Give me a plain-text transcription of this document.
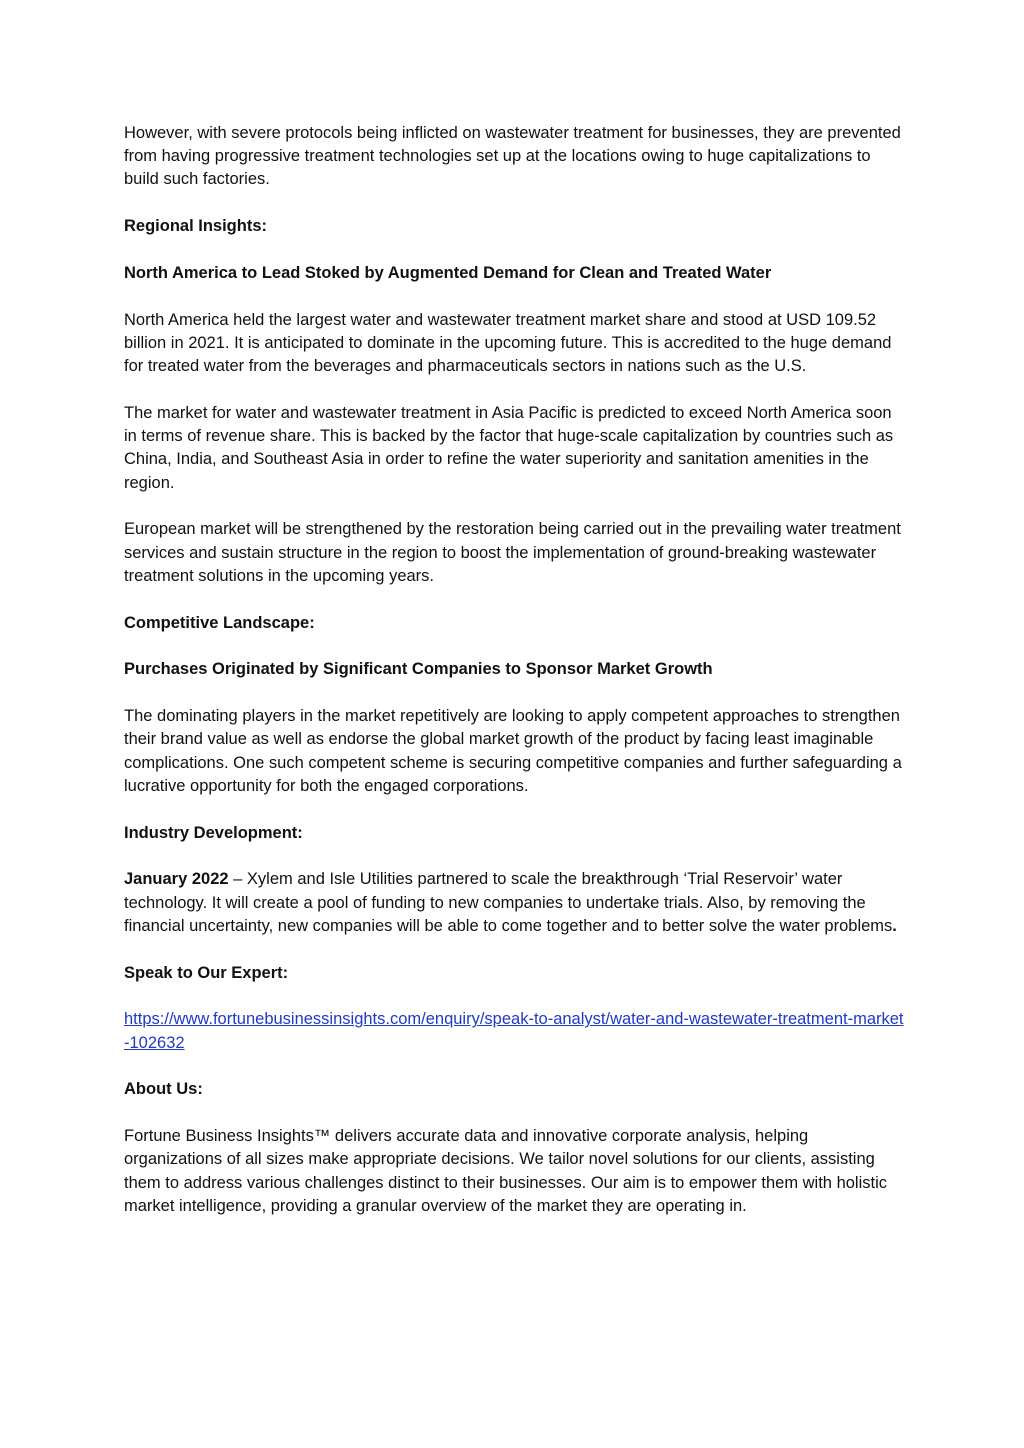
However, with severe protocols being inflicted on wastewater treatment for businesses, they are prevented from having progressive treatment technologies set up at the locations owing to huge capitalizations to build such factories.

Regional Insights:

North America to Lead Stoked by Augmented Demand for Clean and Treated Water

North America held the largest water and wastewater treatment market share and stood at USD 109.52 billion in 2021. It is anticipated to dominate in the upcoming future. This is accredited to the huge demand for treated water from the beverages and pharmaceuticals sectors in nations such as the U.S.

The market for water and wastewater treatment in Asia Pacific is predicted to exceed North America soon in terms of revenue share. This is backed by the factor that huge-scale capitalization by countries such as China, India, and Southeast Asia in order to refine the water superiority and sanitation amenities in the region.

European market will be strengthened by the restoration being carried out in the prevailing water treatment services and sustain structure in the region to boost the implementation of ground-breaking wastewater treatment solutions in the upcoming years.

Competitive Landscape:

Purchases Originated by Significant Companies to Sponsor Market Growth

The dominating players in the market repetitively are looking to apply competent approaches to strengthen their brand value as well as endorse the global market growth of the product by facing least imaginable complications. One such competent scheme is securing competitive companies and further safeguarding a lucrative opportunity for both the engaged corporations.

Industry Development:

January 2022 – Xylem and Isle Utilities partnered to scale the breakthrough ‘Trial Reservoir’ water technology. It will create a pool of funding to new companies to undertake trials. Also, by removing the financial uncertainty, new companies will be able to come together and to better solve the water problems.

Speak to Our Expert:

https://www.fortunebusinessinsights.com/enquiry/speak-to-analyst/water-and-wastewater-treatment-market-102632

About Us:

Fortune Business Insights™ delivers accurate data and innovative corporate analysis, helping organizations of all sizes make appropriate decisions. We tailor novel solutions for our clients, assisting them to address various challenges distinct to their businesses. Our aim is to empower them with holistic market intelligence, providing a granular overview of the market they are operating in.
